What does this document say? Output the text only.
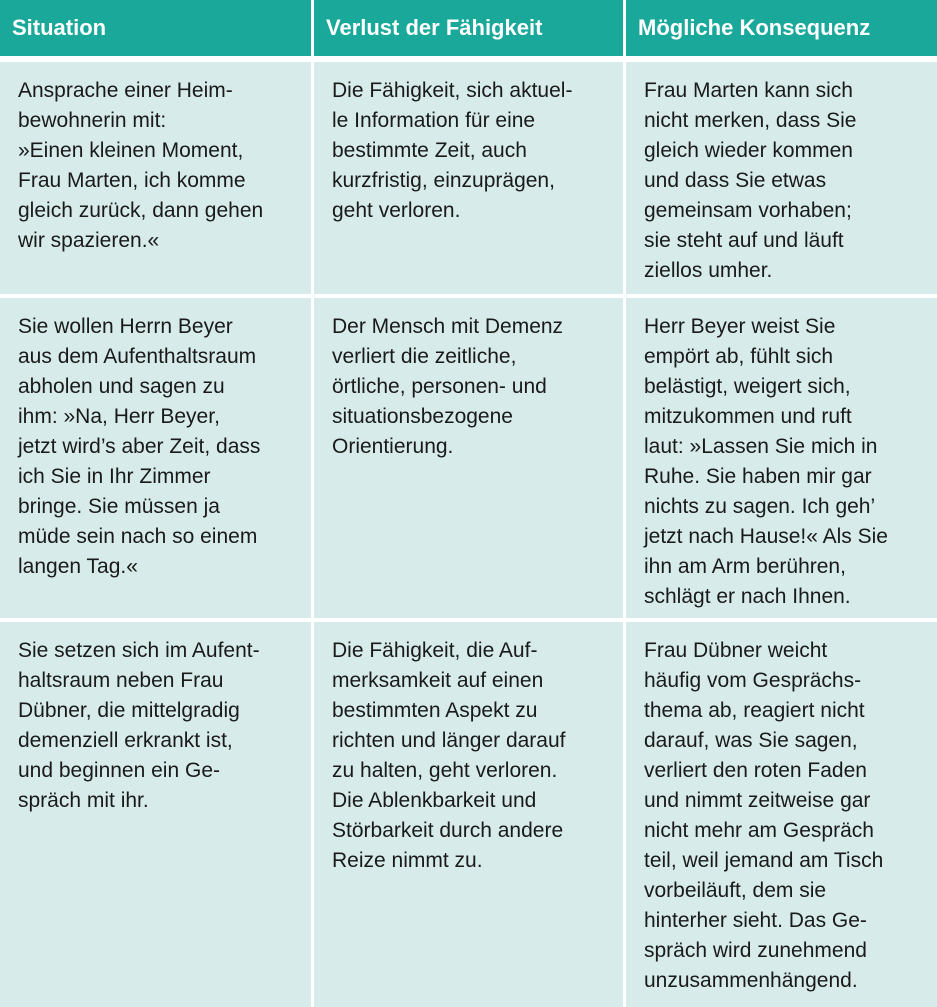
Situation	Verlust der Fähigkeit	Mögliche Konsequenz
Ansprache einer Heim-
bewohnerin mit:
»Einen kleinen Moment,
Frau Marten, ich komme
gleich zurück, dann gehen
wir spazieren.«
Die Fähigkeit, sich aktuel-
le Information für eine
bestimmte Zeit, auch
kurzfristig, einzuprägen,
geht verloren.
Frau Marten kann sich
nicht merken, dass Sie
gleich wieder kommen
und dass Sie etwas
gemeinsam vorhaben;
sie steht auf und läuft
ziellos umher.
Sie wollen Herrn Beyer
aus dem Aufenthaltsraum
abholen und sagen zu
ihm: »Na, Herr Beyer,
jetzt wird’s aber Zeit, dass
ich Sie in Ihr Zimmer
bringe. Sie müssen ja
müde sein nach so einem
langen Tag.«
Der Mensch mit Demenz
verliert die zeitliche,
örtliche, personen- und
situationsbezogene
Orientierung.
Herr Beyer weist Sie
empört ab, fühlt sich
belästigt, weigert sich,
mitzukommen und ruft
laut: »Lassen Sie mich in
Ruhe. Sie haben mir gar
nichts zu sagen. Ich geh’
jetzt nach Hause!« Als Sie
ihn am Arm berühren,
schlägt er nach Ihnen.
Sie setzen sich im Aufent-
haltsraum neben Frau
Dübner, die mittelgradig
demenziell erkrankt ist,
und beginnen ein Ge-
spräch mit ihr.
Die Fähigkeit, die Auf-
merksamkeit auf einen
bestimmten Aspekt zu
richten und länger darauf
zu halten, geht verloren.
Die Ablenkbarkeit und
Störbarkeit durch andere
Reize nimmt zu.
Frau Dübner weicht
häufig vom Gesprächs-
thema ab, reagiert nicht
darauf, was Sie sagen,
verliert den roten Faden
und nimmt zeitweise gar
nicht mehr am Gespräch
teil, weil jemand am Tisch
vorbeiläuft, dem sie
hinterher sieht. Das Ge-
spräch wird zunehmend
unzusammenhängend.
